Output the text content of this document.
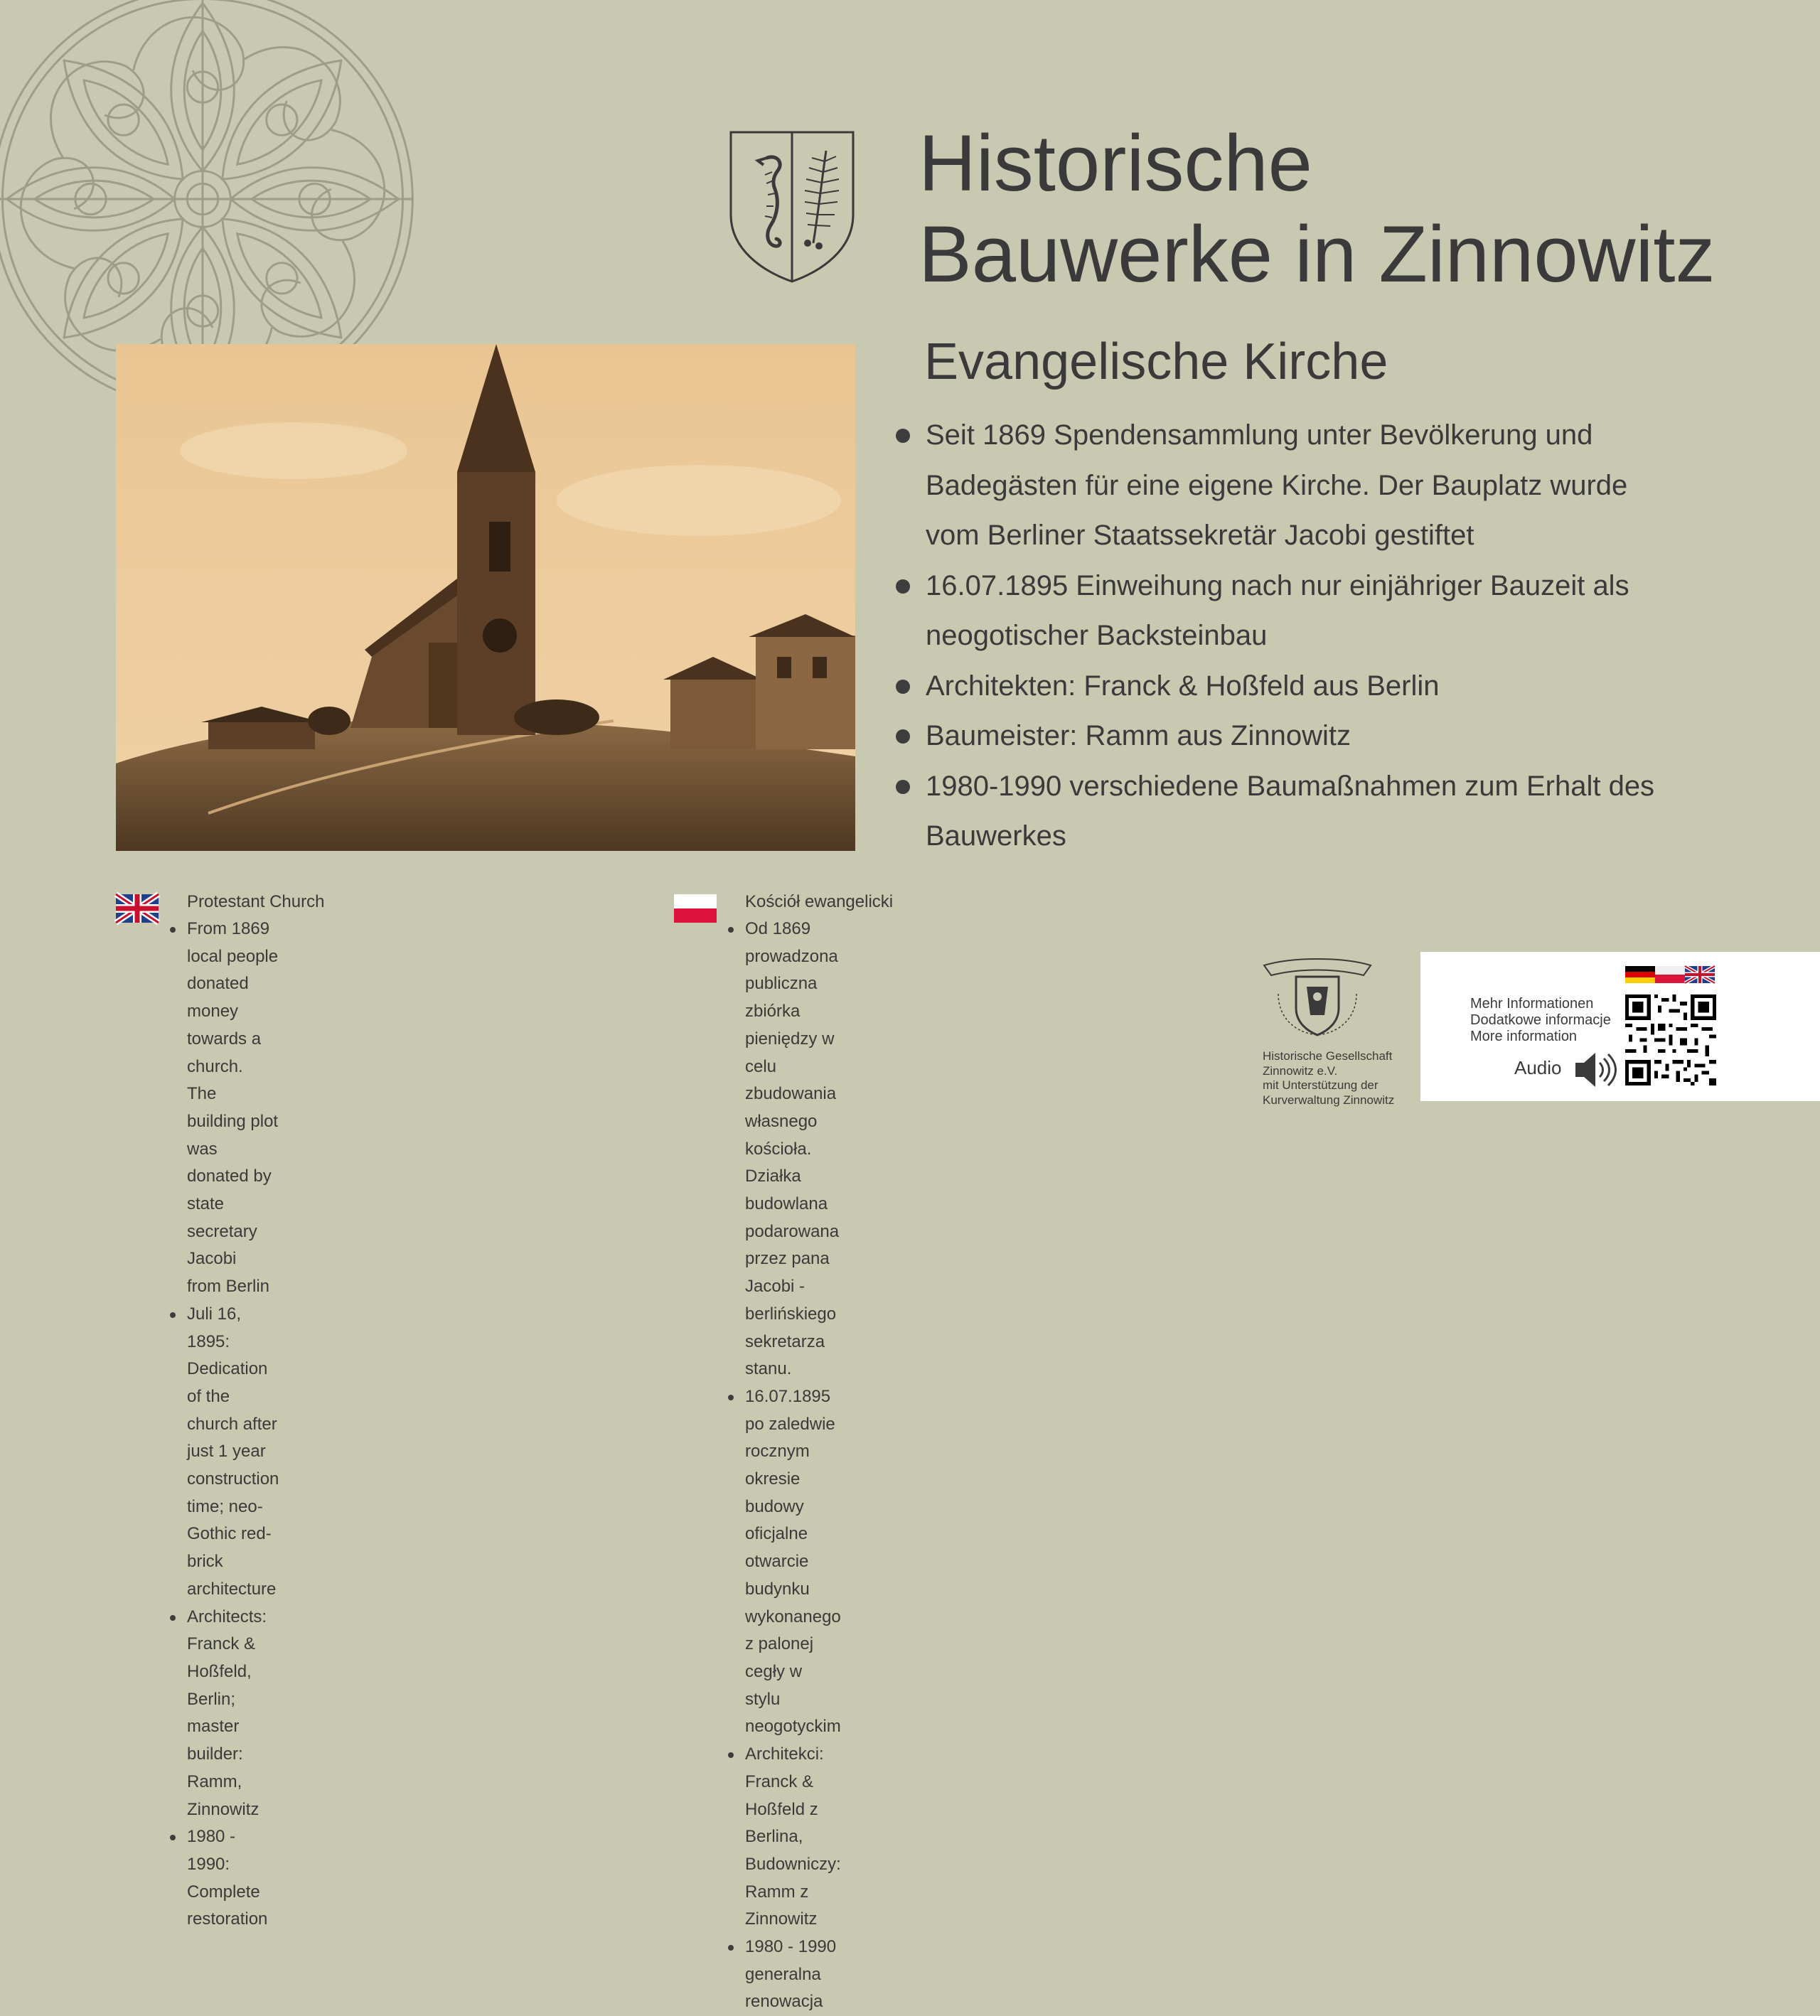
Historische
Bauwerke in Zinnowitz
Evangelische Kirche
Seit 1869 Spendensammlung unter Bevölkerung und
Badegästen für eine eigene Kirche. Der Bauplatz wurde
vom Berliner Staatssekretär Jacobi gestiftet
16.07.1895 Einweihung nach nur einjähriger Bauzeit als
neogotischer Backsteinbau
Architekten: Franck & Hoßfeld aus Berlin
Baumeister: Ramm aus Zinnowitz
1980-1990 verschiedene Baumaßnahmen zum Erhalt des
Bauwerkes
Protestant Church
From 1869 local people donated money towards a church.
The building plot was donated by state secretary Jacobi
from Berlin
Juli 16, 1895: Dedication of the church after just 1 year
construction time; neo-Gothic red-brick architecture
Architects: Franck & Hoßfeld, Berlin; master builder: Ramm,
Zinnowitz
1980 - 1990: Complete restoration
Kościół ewangelicki
Od 1869 prowadzona publiczna zbiórka pieniędzy w celu
zbudowania własnego kościoła. Działka budowlana
podarowana przez pana Jacobi - berlińskiego sekretarza
stanu.
16.07.1895 po zaledwie rocznym okresie budowy oficjalne
otwarcie budynku wykonanego z palonej cegły w stylu
neogotyckim
Architekci: Franck & Hoßfeld z Berlina,
Budowniczy: Ramm z Zinnowitz
1980 - 1990 generalna renowacja
Historische Gesellschaft
Zinnowitz e.V.
mit Unterstützung der
Kurverwaltung Zinnowitz
Mehr Informationen
Dodatkowe informacje
More information
Audio
